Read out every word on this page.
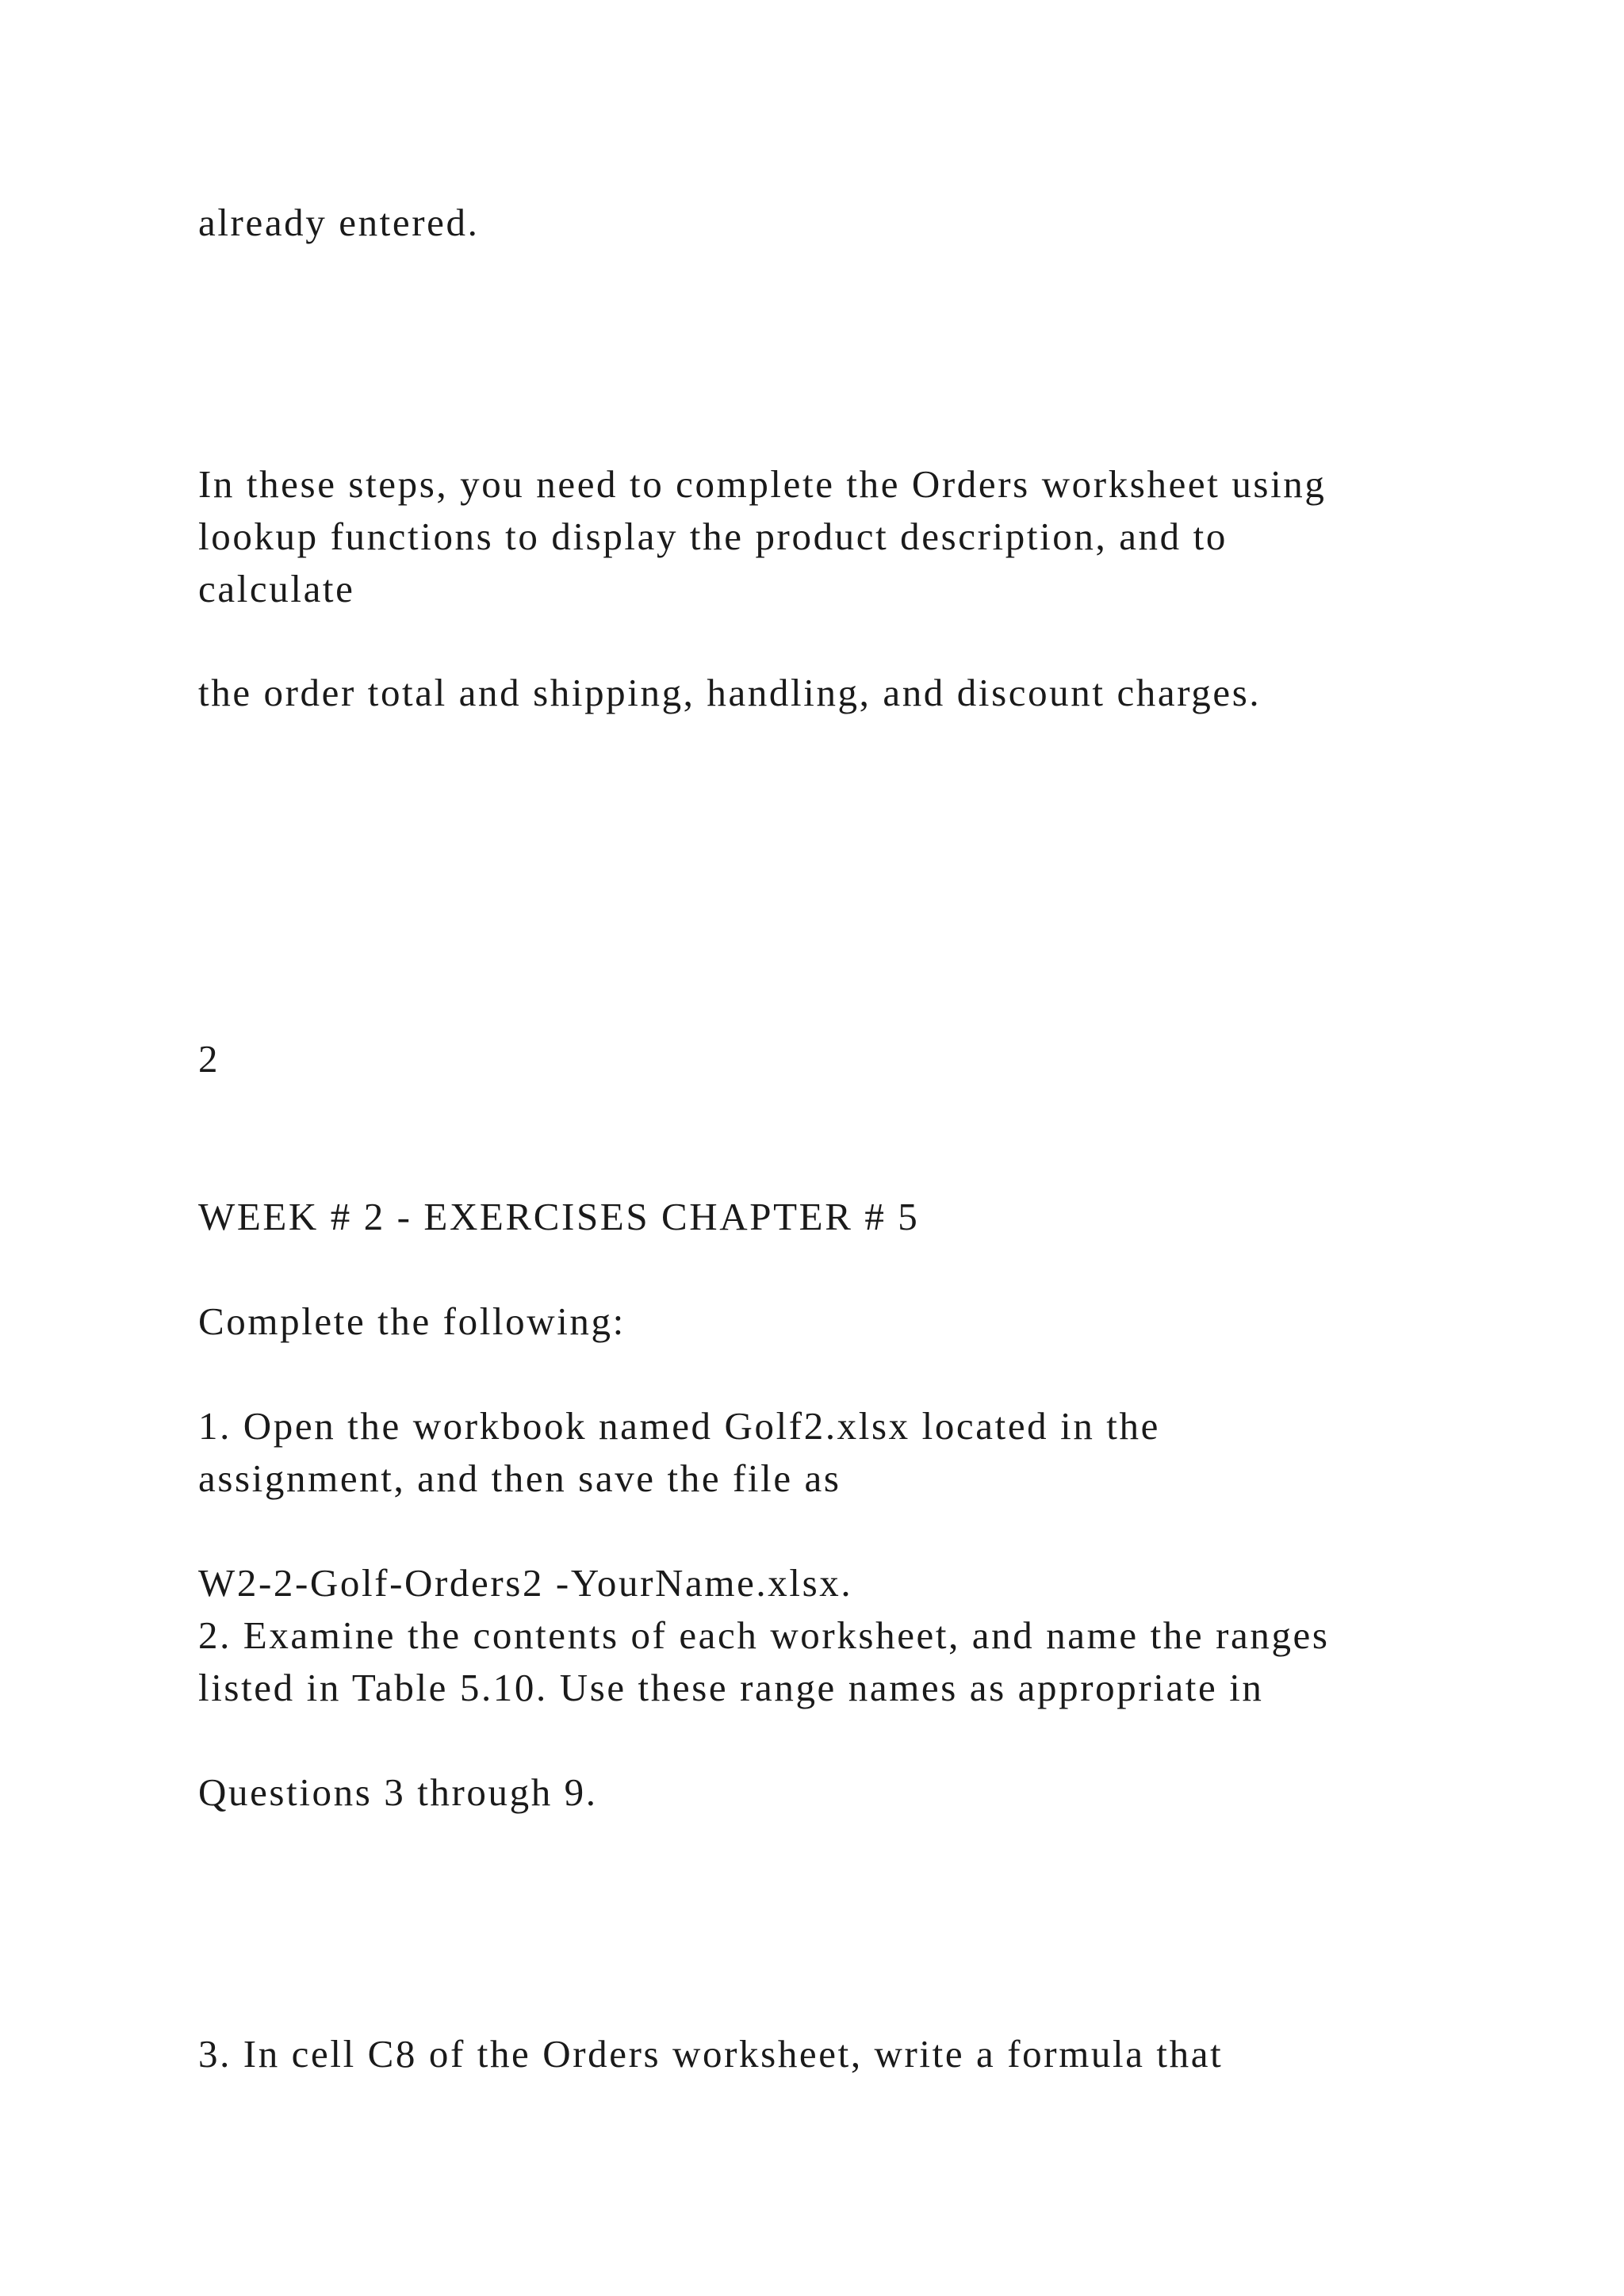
already entered.

In these steps, you need to complete the Orders worksheet using

lookup functions to display the product description, and to

calculate

the order total and shipping, handling, and discount charges.

2

WEEK # 2 - EXERCISES CHAPTER # 5

Complete the following:

1. Open the workbook named Golf2.xlsx located in the

assignment, and then save the file as

W2-2-Golf-Orders2 -YourName.xlsx.

2. Examine the contents of each worksheet, and name the ranges

listed in Table 5.10. Use these range names as appropriate in

Questions 3 through 9.

3. In cell C8 of the Orders worksheet, write a formula that
